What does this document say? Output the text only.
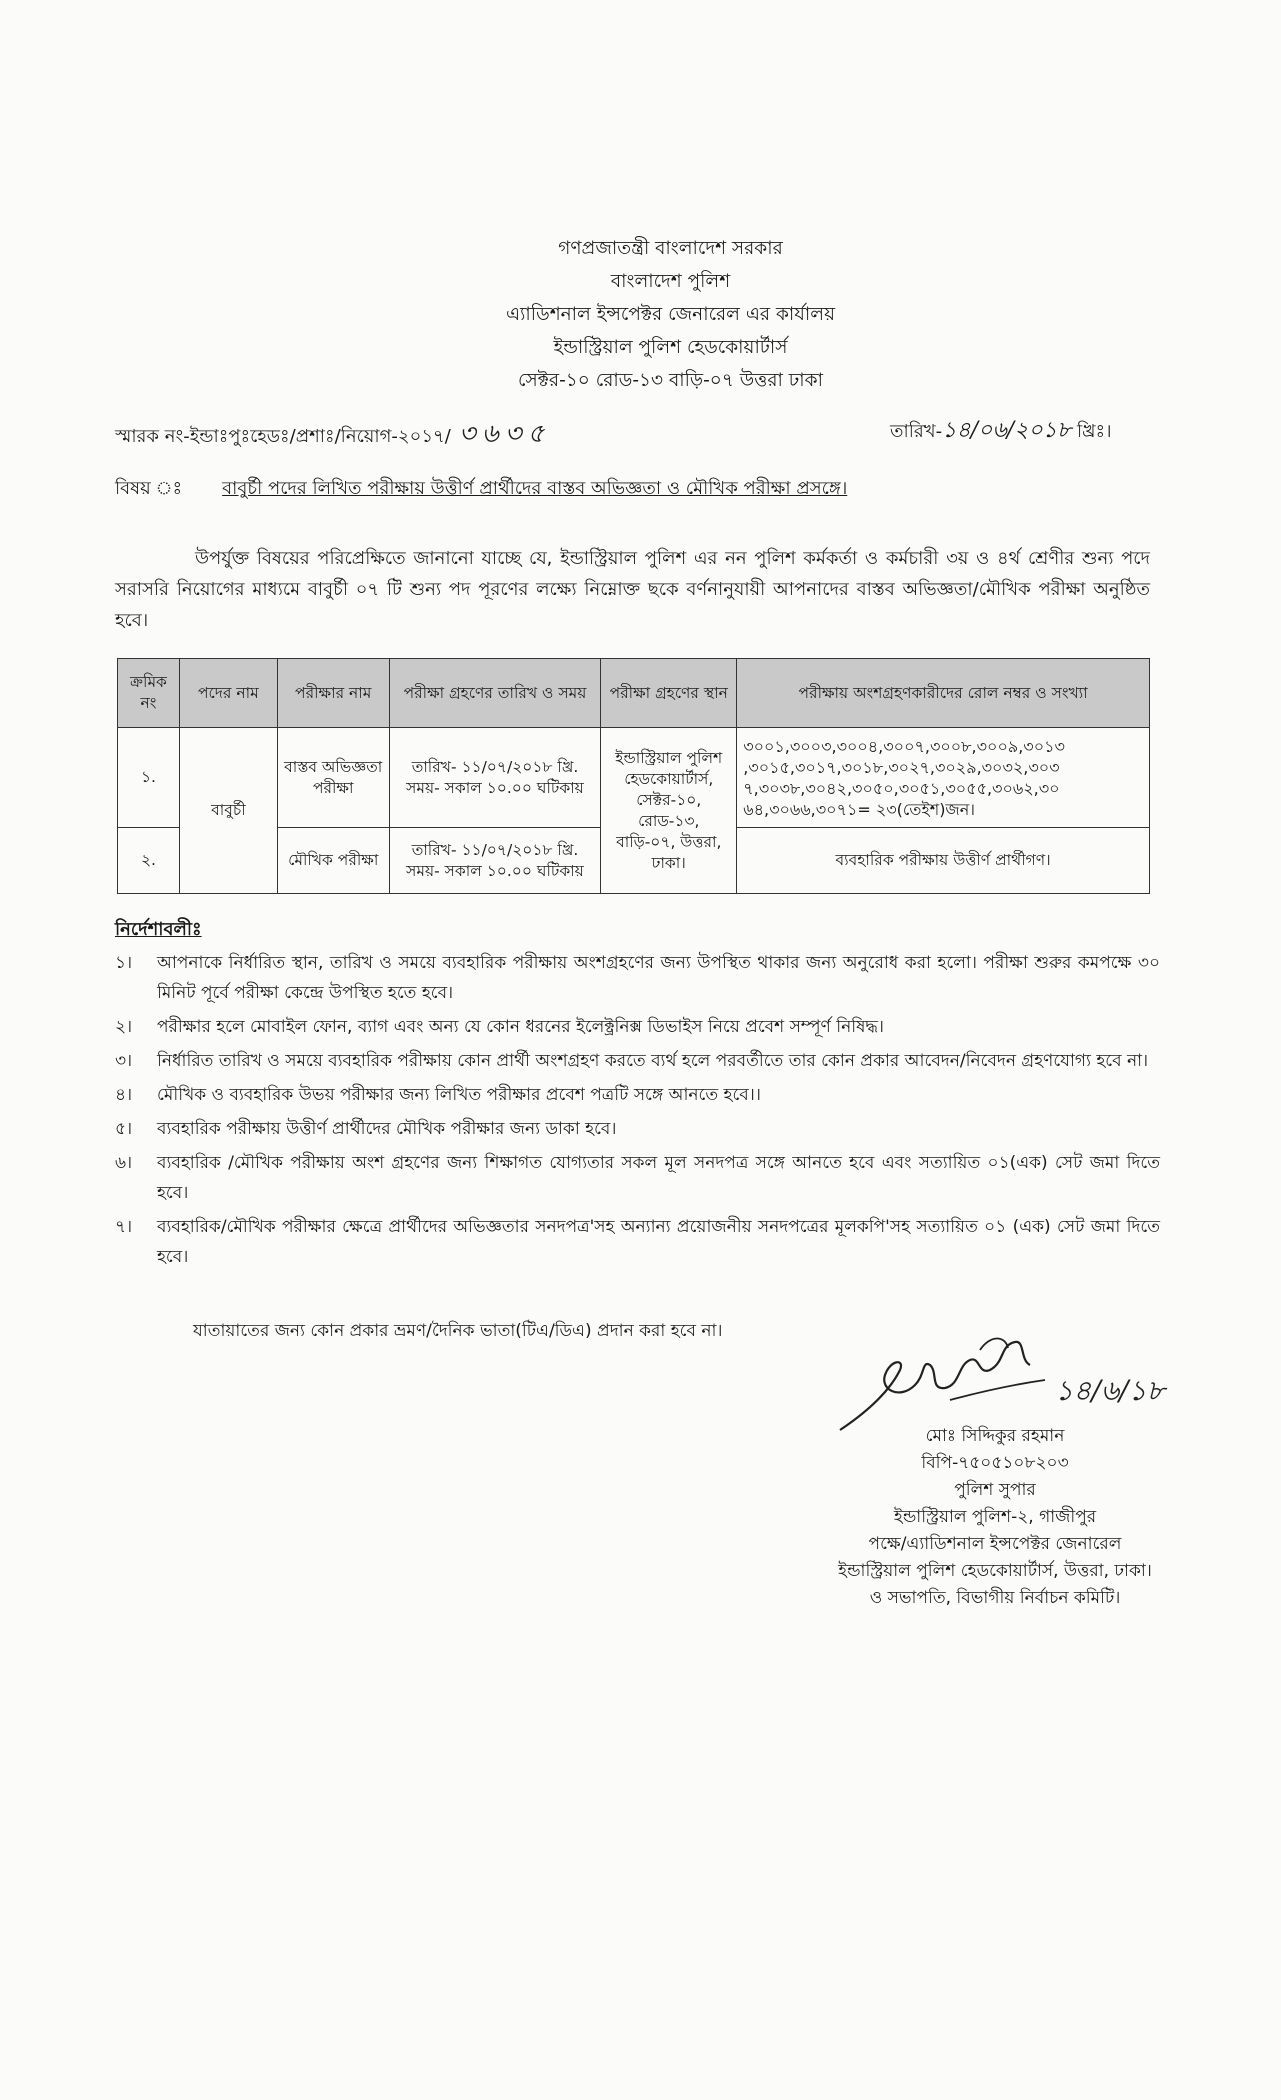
গণপ্রজাতন্ত্রী বাংলাদেশ সরকার
বাংলাদেশ পুলিশ
এ্যাডিশনাল ইন্সপেক্টর জেনারেল এর কার্যালয়
ইন্ডাস্ট্রিয়াল পুলিশ হেডকোয়ার্টার্স
সেক্টর-১০ রোড-১৩ বাড়ি-০৭ উত্তরা ঢাকা
স্মারক নং-ইন্ডাঃপুঃহেডঃ/প্রশাঃ/নিয়োগ-২০১৭/ ৩৬৩৫	তারিখ-১৪/০৬/২০১৮ খ্রিঃ।
বিষয় ঃ বাবুর্চী পদের লিখিত পরীক্ষায় উত্তীর্ণ প্রার্থীদের বাস্তব অভিজ্ঞতা ও মৌখিক পরীক্ষা প্রসঙ্গে।
উপর্যুক্ত বিষয়ের পরিপ্রেক্ষিতে জানানো যাচ্ছে যে, ইন্ডাস্ট্রিয়াল পুলিশ এর নন পুলিশ কর্মকর্তা ও কর্মচারী ৩য় ও ৪র্থ শ্রেণীর শুন্য পদে সরাসরি নিয়োগের মাধ্যমে বাবুর্চী ০৭ টি শুন্য পদ পূরণের লক্ষ্যে নিম্নোক্ত ছকে বর্ণনানুযায়ী আপনাদের বাস্তব অভিজ্ঞতা/মৌখিক পরীক্ষা অনুষ্ঠিত হবে।
ক্রমিক নং	পদের নাম	পরীক্ষার নাম	পরীক্ষা গ্রহণের তারিখ ও সময়	পরীক্ষা গ্রহণের স্থান	পরীক্ষায় অংশগ্রহণকারীদের রোল নম্বর ও সংখ্যা
১.	বাবুর্চী	বাস্তব অভিজ্ঞতা পরীক্ষা	তারিখ- ১১/০৭/২০১৮ খ্রি.
সময়- সকাল ১০.০০ ঘটিকায়	ইন্ডাস্ট্রিয়াল পুলিশ হেডকোয়ার্টার্স, সেক্টর-১০, রোড-১৩, বাড়ি-০৭, উত্তরা, ঢাকা।	৩০০১,৩০০৩,৩০০৪,৩০০৭,৩০০৮,৩০০৯,৩০১৩ ,৩০১৫,৩০১৭,৩০১৮,৩০২৭,৩০২৯,৩০৩২,৩০৩ ৭,৩০৩৮,৩০৪২,৩০৫০,৩০৫১,৩০৫৫,৩০৬২,৩০ ৬৪,৩০৬৬,৩০৭১= ২৩(তেইশ)জন।
২.		মৌখিক পরীক্ষা	তারিখ- ১১/০৭/২০১৮ খ্রি.
সময়- সকাল ১০.০০ ঘটিকায়		ব্যবহারিক পরীক্ষায় উত্তীর্ণ প্রার্থীগণ।
নির্দেশাবলীঃ
১।	আপনাকে নির্ধারিত স্থান, তারিখ ও সময়ে ব্যবহারিক পরীক্ষায় অংশগ্রহণের জন্য উপস্থিত থাকার জন্য অনুরোধ করা হলো। পরীক্ষা শুরুর কমপক্ষে ৩০ মিনিট পূর্বে পরীক্ষা কেন্দ্রে উপস্থিত হতে হবে।
২।	পরীক্ষার হলে মোবাইল ফোন, ব্যাগ এবং অন্য যে কোন ধরনের ইলেক্ট্রনিক্স ডিভাইস নিয়ে প্রবেশ সম্পূর্ণ নিষিদ্ধ।
৩।	নির্ধারিত তারিখ ও সময়ে ব্যবহারিক পরীক্ষায় কোন প্রার্থী অংশগ্রহণ করতে ব্যর্থ হলে পরবর্তীতে তার কোন প্রকার আবেদন/নিবেদন গ্রহণযোগ্য হবে না।
৪।	মৌখিক ও ব্যবহারিক উভয় পরীক্ষার জন্য লিখিত পরীক্ষার প্রবেশ পত্রটি সঙ্গে আনতে হবে।।
৫।	ব্যবহারিক পরীক্ষায় উত্তীর্ণ প্রার্থীদের মৌখিক পরীক্ষার জন্য ডাকা হবে।
৬।	ব্যবহারিক /মৌখিক পরীক্ষায় অংশ গ্রহণের জন্য শিক্ষাগত যোগ্যতার সকল মূল সনদপত্র সঙ্গে আনতে হবে এবং সত্যায়িত ০১(এক) সেট জমা দিতে হবে।
৭।	ব্যবহারিক/মৌখিক পরীক্ষার ক্ষেত্রে প্রার্থীদের অভিজ্ঞতার সনদপত্র'সহ অন্যান্য প্রয়োজনীয় সনদপত্রের মূলকপি'সহ সত্যায়িত ০১ (এক) সেট জমা দিতে হবে।
যাতায়াতের জন্য কোন প্রকার ভ্রমণ/দৈনিক ভাতা(টিএ/ডিএ) প্রদান করা হবে না।
১৪/৬/১৮
মোঃ সিদ্দিকুর রহমান
বিপি-৭৫০৫১০৮২০৩
পুলিশ সুপার
ইন্ডাস্ট্রিয়াল পুলিশ-২, গাজীপুর
পক্ষে/এ্যাডিশনাল ইন্সপেক্টর জেনারেল
ইন্ডাস্ট্রিয়াল পুলিশ হেডকোয়ার্টার্স, উত্তরা, ঢাকা।
ও সভাপতি, বিভাগীয় নির্বাচন কমিটি।
